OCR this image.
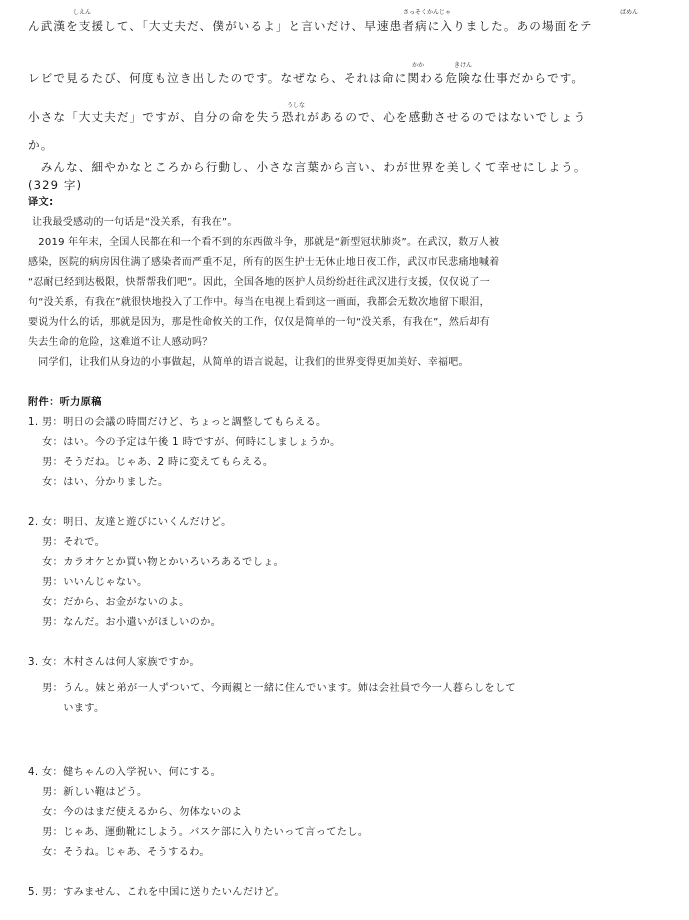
しえん	さっそくかんじゃ	ばめん
ん武漢を支援して、「大丈夫だ、僕がいるよ」と言いだけ、早速患者病に入りました。あの場面をテ
かか	きけん
レビで見るたび、何度も泣き出したのです。なぜなら、それは命に関わる危険な仕事だからです。
うしな
小さな「大丈夫だ」ですが、自分の命を失う恐れがあるので、心を感動させるのではないでしょう
か。
　みんな、細やかなところから行動し、小さな言葉から言い、わが世界を美しくて幸せにしよう。
(329 字)
译文:
让我最受感动的一句话是“没关系，有我在”。
　2019 年年末，全国人民都在和一个看不到的东西做斗争，那就是“新型冠状肺炎”。在武汉，数万人被
感染，医院的病房因住满了感染者而严重不足，所有的医生护士无休止地日夜工作，武汉市民悲痛地喊着
“忍耐已经到达极限，快帮帮我们吧”。因此，全国各地的医护人员纷纷赶往武汉进行支援，仅仅说了一
句“没关系，有我在”就很快地投入了工作中。每当在电视上看到这一画面，我都会无数次地留下眼泪，
要说为什么的话，那就是因为，那是性命攸关的工作，仅仅是简单的一句“没关系，有我在”，然后却有
失去生命的危险，这难道不让人感动吗？
　同学们，让我们从身边的小事做起，从简单的语言说起，让我们的世界变得更加美好、幸福吧。
附件：听力原稿
1. 男：明日の会議の時間だけど、ちょっと調整してもらえる。
　 女：はい。今の予定は午後 1 時ですが、何時にしましょうか。
　 男：そうだね。じゃあ、2 時に変えてもらえる。
　 女：はい、分かりました。
2. 女：明日、友達と遊びにいくんだけど。
　 男：それで。
　 女：カラオケとか買い物とかいろいろあるでしょ。
　 男：いいんじゃない。
　 女：だから、お金がないのよ。
　 男：なんだ。お小遣いがほしいのか。
3. 女：木村さんは何人家族ですか。
　 男：うん。妹と弟が一人ずついて、今両親と一緒に住んでいます。姉は会社員で今一人暮らしをして
　　 　います。
4. 女：健ちゃんの入学祝い、何にする。
　 男：新しい鞄はどう。
　 女：今のはまだ使えるから、勿体ないのよ
　 男：じゃあ、運動靴にしよう。バスケ部に入りたいって言ってたし。
　 女：そうね。じゃあ、そうするわ。
5. 男：すみません、これを中国に送りたいんだけど。
